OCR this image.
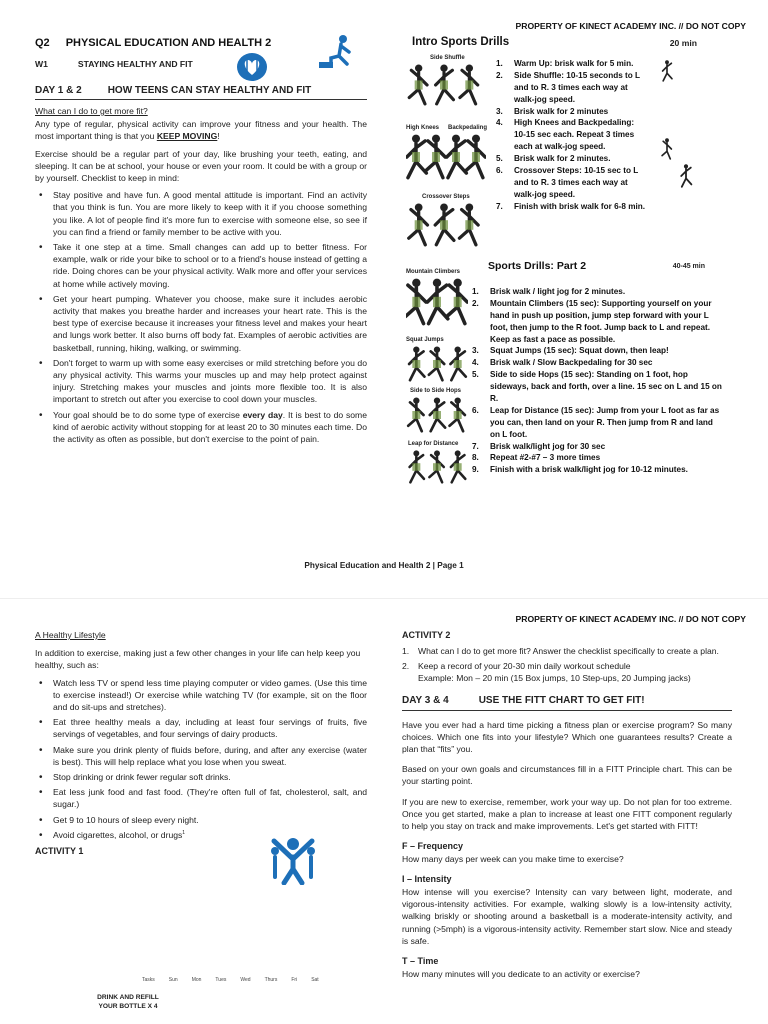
PROPERTY OF KINECT ACADEMY INC. // DO NOT COPY
Q2 PHYSICAL EDUCATION AND HEALTH 2
W1	STAYING HEALTHY AND FIT
DAY 1 & 2	HOW TEENS CAN STAY HEALTHY AND FIT
What can I do to get more fit?

Any type of regular, physical activity can improve your fitness and your health. The most important thing is that you KEEP MOVING!

Exercise should be a regular part of your day, like brushing your teeth, eating, and sleeping. It can be at school, your house or even your room. It could be with a group or by yourself. Checklist to keep in mind:

• Stay positive and have fun. A good mental attitude is important. Find an activity that you think is fun. You are more likely to keep with it if you choose something you like. A lot of people find it's more fun to exercise with someone else, so see if you can find a friend or family member to be active with you.
• Take it one step at a time. Small changes can add up to better fitness. For example, walk or ride your bike to school or to a friend's house instead of getting a ride. Doing chores can be your physical activity. Walk more and offer your services at home while actively moving.
• Get your heart pumping. Whatever you choose, make sure it includes aerobic activity that makes you breathe harder and increases your heart rate. This is the best type of exercise because it increases your fitness level and makes your heart and lungs work better. It also burns off body fat. Examples of aerobic activities are basketball, running, hiking, walking, or swimming.
• Don't forget to warm up with some easy exercises or mild stretching before you do any physical activity. This warms your muscles up and may help protect against injury. Stretching makes your muscles and joints more flexible too. It is also important to stretch out after you exercise to cool down your muscles.
• Your goal should be to do some type of exercise every day. It is best to do some kind of aerobic activity without stopping for at least 20 to 30 minutes each time. Do the activity as often as possible, but don't exercise to the point of pain.
Intro Sports Drills	20 min
Side Shuffle
High Knees Backpedaling
Crossover Steps
1.	Warm Up: brisk walk for 5 min.
2.	Side Shuffle: 10-15 seconds to L and to R. 3 times each way at walk-jog speed.
3.	Brisk walk for 2 minutes
4.	High Knees and Backpedaling: 10-15 sec each. Repeat 3 times each at walk-jog speed.
5.	Brisk walk for 2 minutes.
6.	Crossover Steps: 10-15 sec to L and to R. 3 times each way at walk-jog speed.
7.	Finish with brisk walk for 6-8 min.
Sports Drills: Part 2	40-45 min
Mountain Climbers
Squat Jumps
Side to Side Hops
Leap for Distance
1.	Brisk walk / light jog for 2 minutes.
2.	Mountain Climbers (15 sec): Supporting yourself on your hand in push up position, jump step forward with your L foot, then jump to the R foot. Jump back to L and repeat. Keep as fast a pace as possible.
3.	Squat Jumps (15 sec): Squat down, then leap!
4.	Brisk walk / Slow Backpedaling for 30 sec
5.	Side to side Hops (15 sec): Standing on 1 foot, hop sideways, back and forth, over a line. 15 sec on L and 15 on R.
6.	Leap for Distance (15 sec): Jump from your L foot as far as you can, then land on your R. Then jump from R and land on L foot.
7.	Brisk walk/light jog for 30 sec
8.	Repeat #2-#7 – 3 more times
9.	Finish with a brisk walk/light jog for 10-12 minutes.
Physical Education and Health 2 | Page 1
PROPERTY OF KINECT ACADEMY INC. // DO NOT COPY
A Healthy Lifestyle

In addition to exercise, making just a few other changes in your life can help keep you healthy, such as:

• Watch less TV or spend less time playing computer or video games. (Use this time to exercise instead!) Or exercise while watching TV (for example, sit on the floor and do sit-ups and stretches).
• Eat three healthy meals a day, including at least four servings of fruits, five servings of vegetables, and four servings of dairy products.
• Make sure you drink plenty of fluids before, during, and after any exercise (water is best). This will help replace what you lose when you sweat.
• Stop drinking or drink fewer regular soft drinks.
• Eat less junk food and fast food. (They're often full of fat, cholesterol, salt, and sugar.)
• Get 9 to 10 hours of sleep every night.
• Avoid cigarettes, alcohol, or drugs$^1$
ACTIVITY 1
Tasks	Sun	Mon	Tues	Wed	Thurs	Fri	Sat
DRINK AND REFILL YOUR BOTTLE X 4
ACTIVITY 2
1.	What can I do to get more fit? Answer the checklist specifically to create a plan.
2.	Keep a record of your 20-30 min daily workout schedule
Example: Mon – 20 min (15 Box jumps, 10 Step-ups, 20 Jumping jacks)
DAY 3 & 4	USE THE FITT CHART TO GET FIT!

Have you ever had a hard time picking a fitness plan or exercise program? So many choices. Which one fits into your lifestyle? Which one guarantees results? Create a plan that “fits” you.

Based on your own goals and circumstances fill in a FITT Principle chart. This can be your starting point.

If you are new to exercise, remember, work your way up. Do not plan for too extreme. Once you get started, make a plan to increase at least one FITT component regularly to help you stay on track and make improvements. Let's get started with FITT!

F – Frequency
How many days per week can you make time to exercise?
I – Intensity

How intense will you exercise? Intensity can vary between light, moderate, and vigorous-intensity activities. For example, walking slowly is a low-intensity activity, walking briskly or shooting around a basketball is a moderate-intensity activity, and running (>5mph) is a vigorous-intensity activity. Remember start slow. Nice and steady is safe.

T – Time
How many minutes will you dedicate to an activity or exercise?
